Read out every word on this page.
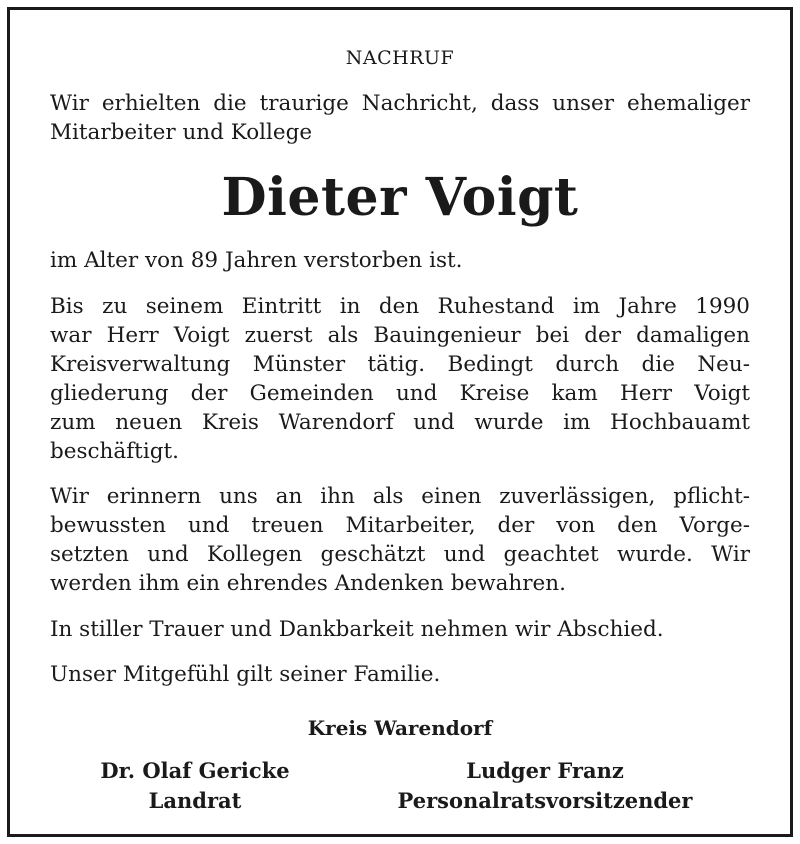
NACHRUF
Wir erhielten die traurige Nachricht, dass unser ehemaliger
Mitarbeiter und Kollege
Dieter Voigt
im Alter von 89 Jahren verstorben ist.
Bis zu seinem Eintritt in den Ruhestand im Jahre 1990
war Herr Voigt zuerst als Bauingenieur bei der damaligen
Kreisverwaltung Münster tätig. Bedingt durch die Neu-
gliederung der Gemeinden und Kreise kam Herr Voigt
zum neuen Kreis Warendorf und wurde im Hochbauamt
beschäftigt.
Wir erinnern uns an ihn als einen zuverlässigen, pflicht-
bewussten und treuen Mitarbeiter, der von den Vorge-
setzten und Kollegen geschätzt und geachtet wurde. Wir
werden ihm ein ehrendes Andenken bewahren.
In stiller Trauer und Dankbarkeit nehmen wir Abschied.
Unser Mitgefühl gilt seiner Familie.
Kreis Warendorf
Dr. Olaf Gericke
Landrat
Ludger Franz
Personalratsvorsitzender
